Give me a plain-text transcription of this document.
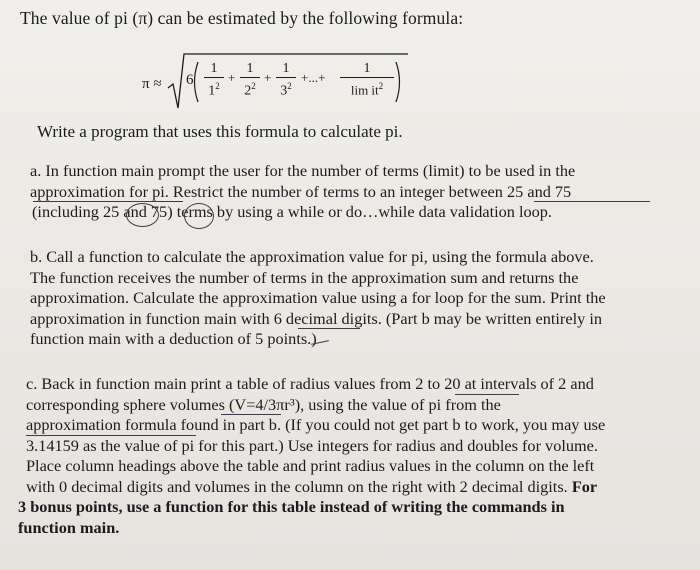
The value of pi (π) can be estimated by the following formula:
$\pi \approx 6 \frac{1}{1^2} + \frac{1}{2^2} + \frac{1}{3^2}$ +...+ $\frac{1}{\lim it^2}$
Write a program that uses this formula to calculate pi.
a. In function main prompt the user for the number of terms (limit) to be used in the
approximation for pi. Restrict the number of terms to an integer between 25 and 75
(including 25 and 75) terms by using a while or do…while data validation loop.
b. Call a function to calculate the approximation value for pi, using the formula above.
The function receives the number of terms in the approximation sum and returns the
approximation. Calculate the approximation value using a for loop for the sum. Print the
approximation in function main with 6 decimal digits. (Part b may be written entirely in
function main with a deduction of 5 points.)
c. Back in function main print a table of radius values from 2 to 20 at intervals of 2 and
corresponding sphere volumes (V=4/3πr³), using the value of pi from the
approximation formula found in part b. (If you could not get part b to work, you may use
3.14159 as the value of pi for this part.) Use integers for radius and doubles for volume.
Place column headings above the table and print radius values in the column on the left
with 0 decimal digits and volumes in the column on the right with 2 decimal digits. For
3 bonus points, use a function for this table instead of writing the commands in
function main.
